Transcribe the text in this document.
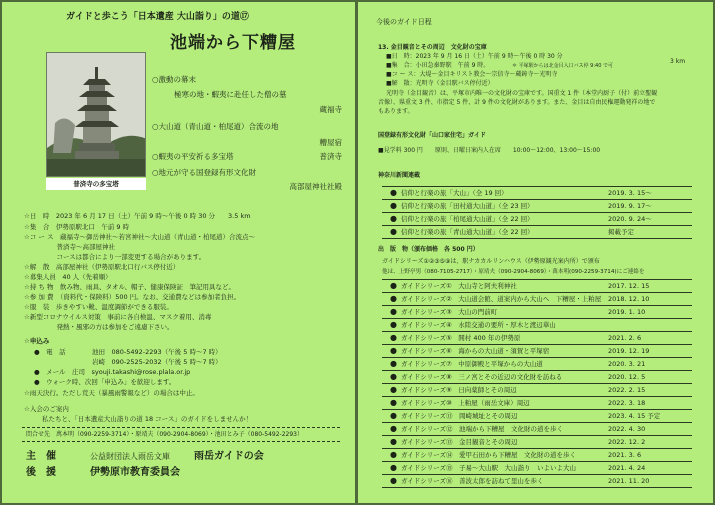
ガイドと歩こう「日本遺産 大山詣り」の道⑰
池端から下糟屋
普済寺の多宝塔
○激動の幕末
極寒の地・蝦夷に赴任した僧の墓
蔵福寺
○大山道（青山道・柏尾道）合流の地
糟屋宿
○蝦夷の平安祈る多宝塔	普済寺
○地元が守る国登録有形文化財
高部屋神社社殿
☆日　時　2023 年 6 月 17 日（土）午前 9 時～午後 0 時 30 分　　3.5 km
☆集　合　伊勢原駅北口　午前 9 時
☆コ ー ス　蔵福寺～御岳神社～若宮神社～大山道（青山道・柏尾道）合流点～
　　　　　普済寺～高部屋神社
　　　　　コースは都合により一部変更する場合があります。
☆解　散　高部屋神社（伊勢原駅北口行バス停付近）
☆募集人員　40 人（先着順）
☆持 ち 物　飲み物、雨具、タオル、帽子、健康保険証　筆記用具など。
☆参 加 費　（資料代・保険料）500 円。なお、交通費などは参加者負担。
☆服　装　歩きやすい靴、温度調節ができる服装。
☆新型コロナウイルス対策　事前に各自検温、マスク着用、消毒
　　　　　発熱・風邪の方は参加をご遠慮下さい。
☆申込み
●　電　話	池田　080-5492-2293（午後 5 時～7 時）
岩崎　090-2525-2032（午後 5 時～7 時）
●　メール　庄司　syouji.takashi@rose.plala.or.jp
●　ウォーク時、次回「申込み」を歓迎します。
☆雨天決行。ただし荒天（暴風雨警報など）の場合は中止。
☆入会のご案内
私たちと、「日本遺産大山詣りの道 18 コース」のガイドをしませんか！
問合せ先　萬本明（090-2259-3714）・原靖夫（090-2904-8069）・池田とみ子（080-5492-2293）
主　催	公益財団法人雨岳文庫 雨岳ガイドの会
後　援	伊勢原市教育委員会
今後のガイド日程
13. 金目観音とその周辺　文化財の宝庫
■日　時：2023 年 9 月 16 日（土）午前 9 時～午後 0 時 30 分
3 km
■集　合：小田急秦野駅　午前 9 時。	＊ 平塚駅からは北金目入口バス停 9:40 で可
■コ ー ス：大堤～金目キリスト教会～宗信寺～蔵鋳寺～光明寺
■解　散：光明寺（金目駅バス停付近）
光明寺（金目観音）は、平塚市内唯一の文化財の宝庫です。国重文 1 件（本堂内厨子（付）前立聖観
音像）、県重文 3 件、市指定 5 件、計 9 件の文化財があります。また、金目は自由民権運動発祥の地で
もあります。
国登録有形文化財「山口家住宅」ガイド
■見学料 300 円　　原則、日曜日案内人在席　　10:00～12:00、13:00～15:00
神奈川新聞連載
● 信仰と行楽の旅「大山」（全 19 回）	2019. 3. 15～
● 信仰と行楽の旅「田村通大山道」（全 23 回）	2019. 9. 17～
● 信仰と行楽の旅「柏尾通大山道」（全 22 回）	2020. 9. 24～
● 信仰と行楽の旅「青山通大山道」（全 22 回）	掲載予定
出　版　物（頒布価格　各 500 円）
ガイドシリーズ①②③⑤⑨は、駅ナカカルリンハウス（伊勢原観光案内所）で頒布
他は、上野亭男（080-7105-2717）・原靖夫（090-2904-8069）・萬本明(090-2259-3714)にご連絡を
● ガイドシリーズ①　大山寺と阿夫利神社	2017. 12. 15
● ガイドシリーズ②　大山道会館、道案内から大山へ　下糟屋・上粕屋 2018. 12. 10
● ガイドシリーズ③　大山の門前町	2019. 1. 10
● ガイドシリーズ④　水陸交通の要所・厚木と渡辺華山
● ガイドシリーズ⑤　開村 400 年の伊勢原	2021. 2. 6
● ガイドシリーズ⑥　海からの大山道・須賀と平塚宿	2019. 12. 19
● ガイドシリーズ⑦　中原御殿と平塚からの大山道	2020. 3. 21
● ガイドシリーズ⑧　三ノ宮とその近辺の文化財を訪ねる	2020. 12. 5
● ガイドシリーズ⑨　日向薬師とその周辺	2022. 2. 15
● ガイドシリーズ⑩　上粕屋（雨岳文庫）周辺	2022. 3. 18
● ガイドシリーズ⑪　岡崎城址とその周辺	2023. 4. 15 予定
● ガイドシリーズ⑫　池端から下糟屋　文化財の道を歩く	2022. 4. 30
● ガイドシリーズ⑬　金目観音とその周辺	2022. 12. 2
● ガイドシリーズ⑭　愛甲石田から下糟屋　文化財の道を歩く	2021. 3. 6
● ガイドシリーズ⑮　子易～大山駅　大山詣り　いよいよ大山	2021. 4. 24
● ガイドシリーズ⑯　善波太郎を訪ねて里山を歩く	2021. 11. 20
